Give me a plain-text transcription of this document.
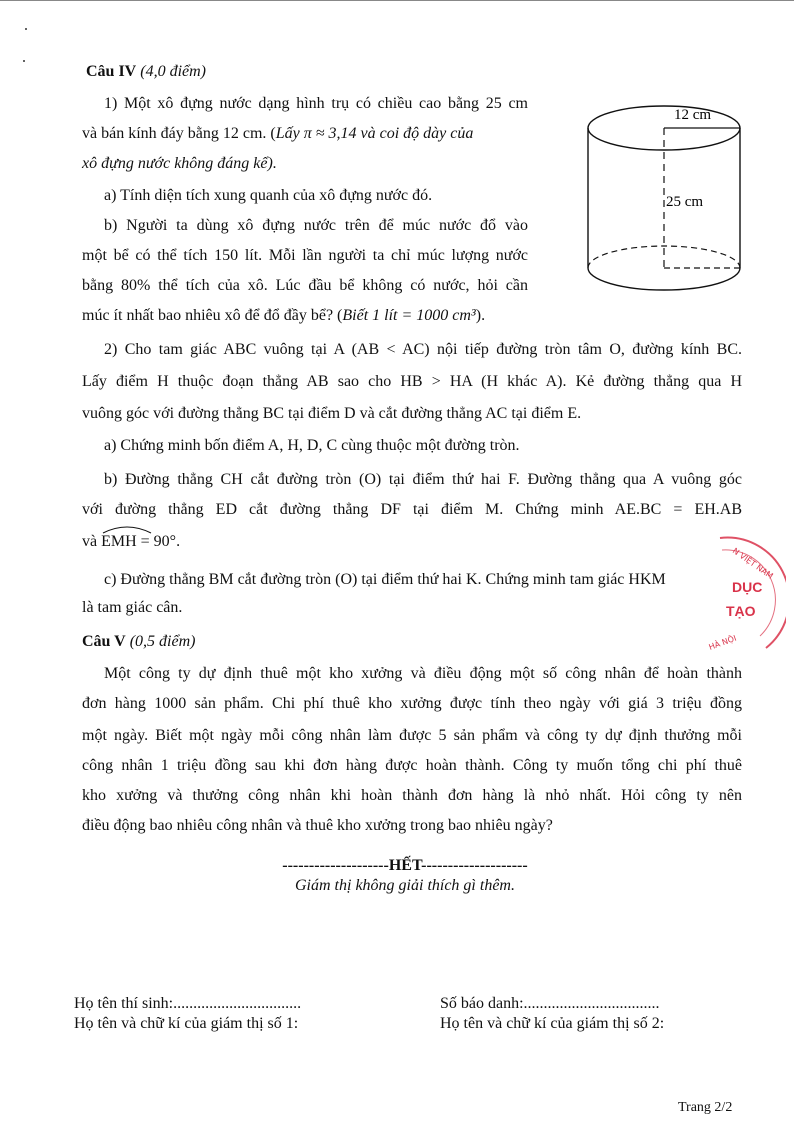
Câu IV (4,0 điểm)
1) Một xô đựng nước dạng hình trụ có chiều cao bằng 25 cm
và bán kính đáy bằng 12 cm. (Lấy π ≈ 3,14 và coi độ dày của
xô đựng nước không đáng kể).
a) Tính diện tích xung quanh của xô đựng nước đó.
b) Người ta dùng xô đựng nước trên để múc nước đổ vào
một bể có thể tích 150 lít. Mỗi lần người ta chỉ múc lượng nước
bằng 80% thể tích của xô. Lúc đầu bể không có nước, hỏi cần
múc ít nhất bao nhiêu xô để đổ đầy bể? (Biết 1 lít = 1000 cm³).
12 cm
25 cm
2) Cho tam giác ABC vuông tại A (AB < AC) nội tiếp đường tròn tâm O, đường kính BC.
Lấy điểm H thuộc đoạn thẳng AB sao cho HB > HA (H khác A). Kẻ đường thẳng qua H
vuông góc với đường thẳng BC tại điểm D và cắt đường thẳng AC tại điểm E.
a) Chứng minh bốn điểm A, H, D, C cùng thuộc một đường tròn.
b) Đường thẳng CH cắt đường tròn (O) tại điểm thứ hai F. Đường thẳng qua A vuông góc
với đường thẳng ED cắt đường thẳng DF tại điểm M. Chứng minh AE.BC = EH.AB
và EMH = 90°.
c) Đường thẳng BM cắt đường tròn (O) tại điểm thứ hai K. Chứng minh tam giác HKM
là tam giác cân.
N VIỆT NAM
DỤC
TẠO
HÀ NỘI
Câu V (0,5 điểm)
Một công ty dự định thuê một kho xưởng và điều động một số công nhân để hoàn thành
đơn hàng 1000 sản phẩm. Chi phí thuê kho xưởng được tính theo ngày với giá 3 triệu đồng
một ngày. Biết một ngày mỗi công nhân làm được 5 sản phẩm và công ty dự định thưởng mỗi
công nhân 1 triệu đồng sau khi đơn hàng được hoàn thành. Công ty muốn tổng chi phí thuê
kho xưởng và thưởng công nhân khi hoàn thành đơn hàng là nhỏ nhất. Hỏi công ty nên
điều động bao nhiêu công nhân và thuê kho xưởng trong bao nhiêu ngày?
--------------------HẾT--------------------
Giám thị không giải thích gì thêm.
Họ tên thí sinh:................................
Họ tên và chữ kí của giám thị số 1:
Số báo danh:..................................
Họ tên và chữ kí của giám thị số 2:
Trang 2/2
